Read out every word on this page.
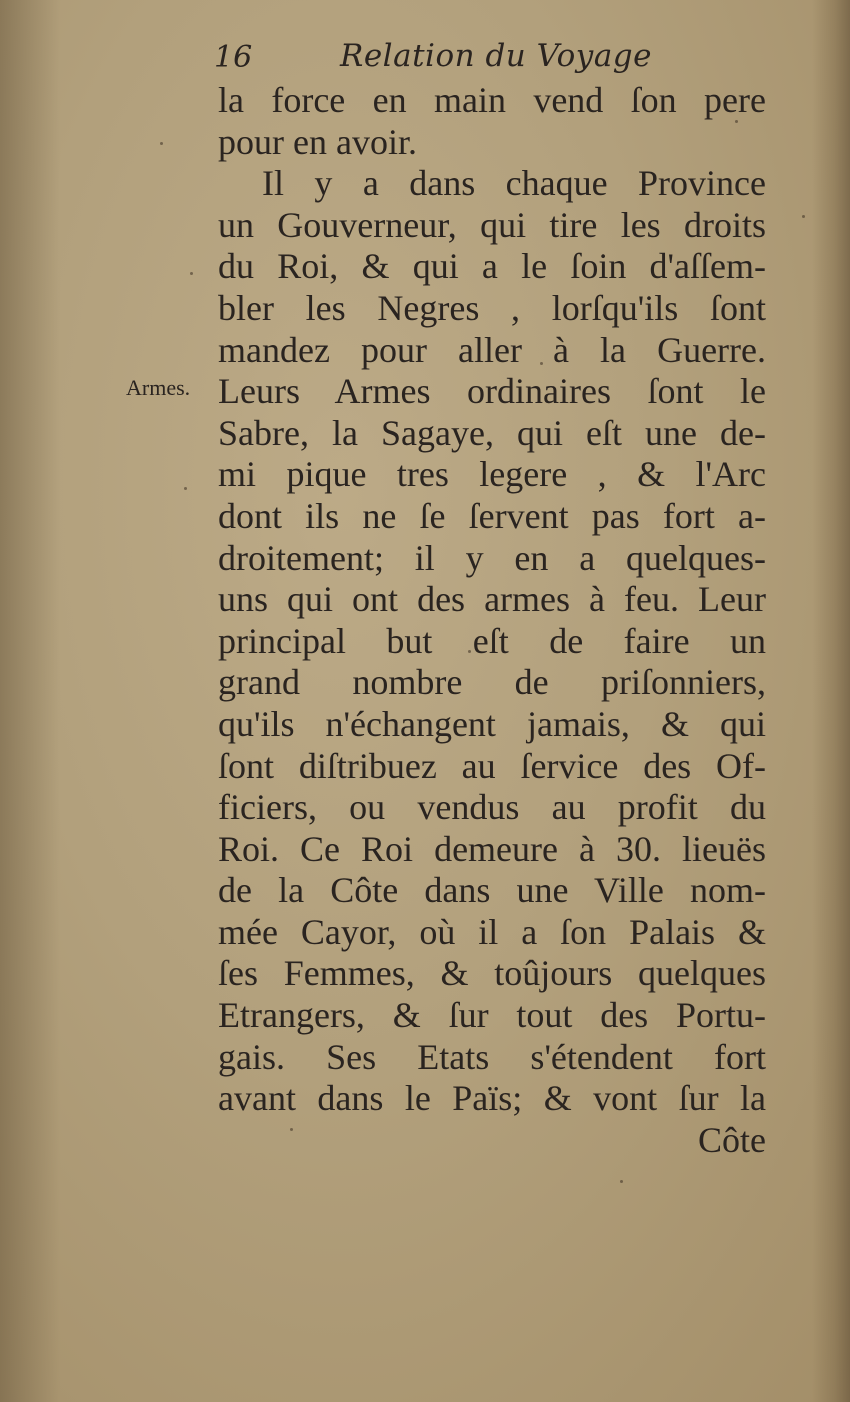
16	Relation du Voyage
Armes.
la force en main vend ſon pere
pour en avoir.
Il y a dans chaque Province
un Gouverneur, qui tire les droits
du Roi, & qui a le ſoin d'aſſem-
bler les Negres , lorſqu'ils ſont
mandez pour aller à la Guerre.
Leurs Armes ordinaires ſont le
Sabre, la Sagaye, qui eſt une de-
mi pique tres legere , & l'Arc
dont ils ne ſe ſervent pas fort a-
droitement; il y en a quelques-
uns qui ont des armes à feu. Leur
principal but eſt de faire un
grand nombre de priſonniers,
qu'ils n'échangent jamais, & qui
ſont diſtribuez au ſervice des Of-
ficiers, ou vendus au profit du
Roi. Ce Roi demeure à 30. lieuës
de la Côte dans une Ville nom-
mée Cayor, où il a ſon Palais &
ſes Femmes, & toûjours quelques
Etrangers, & ſur tout des Portu-
gais. Ses Etats s'étendent fort
avant dans le Païs; & vont ſur la
Côte
